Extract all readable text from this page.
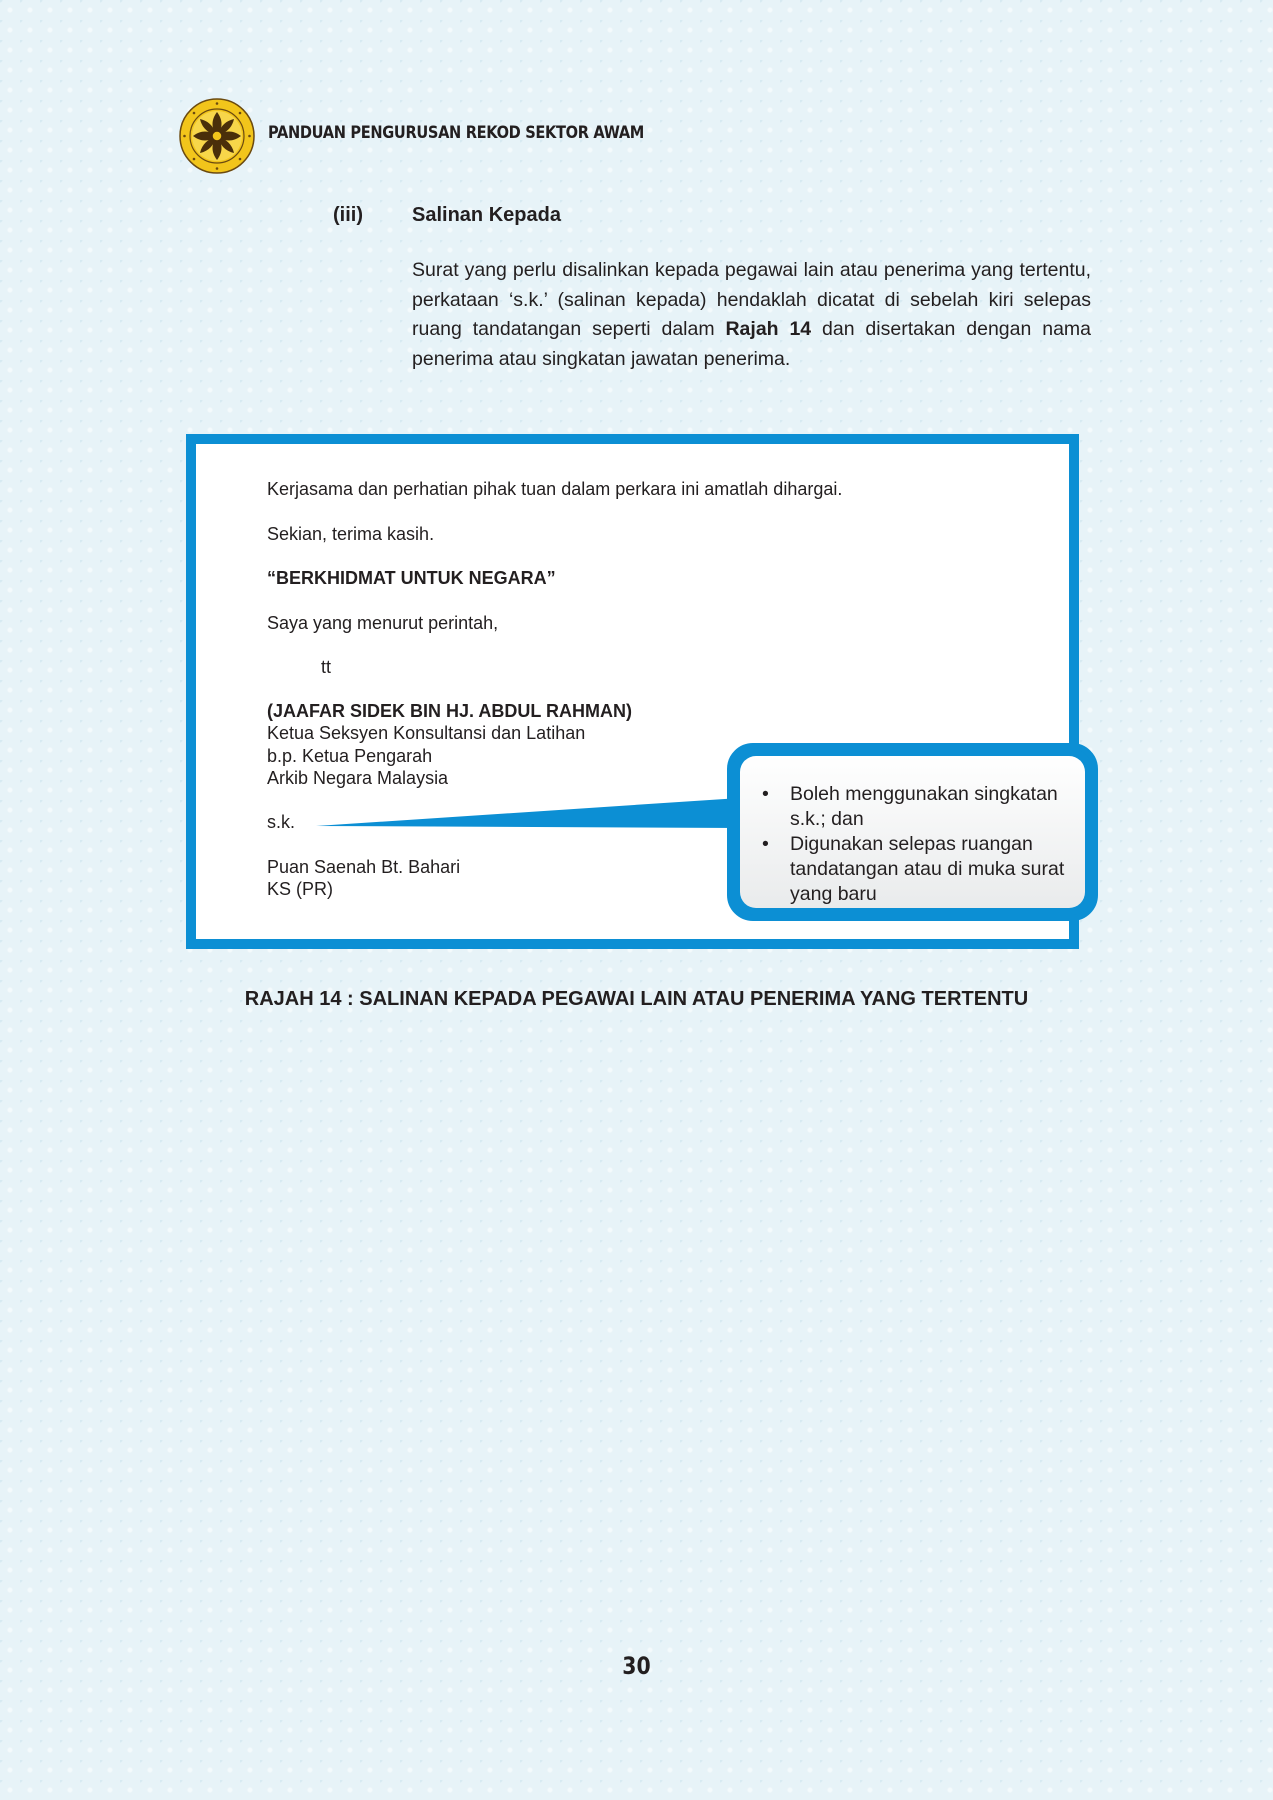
PANDUAN PENGURUSAN REKOD SEKTOR AWAM
(iii) Salinan Kepada
Surat yang perlu disalinkan kepada pegawai lain atau penerima yang tertentu, perkataan ‘s.k.’ (salinan kepada) hendaklah dicatat di sebelah kiri selepas ruang tandatangan seperti dalam Rajah 14 dan disertakan dengan nama penerima atau singkatan jawatan penerima.
Kerjasama dan perhatian pihak tuan dalam perkara ini amatlah dihargai.
Sekian, terima kasih.
“BERKHIDMAT UNTUK NEGARA”
Saya yang menurut perintah,
tt
(JAAFAR SIDEK BIN HJ. ABDUL RAHMAN)
Ketua Seksyen Konsultansi dan Latihan
b.p. Ketua Pengarah
Arkib Negara Malaysia
s.k.
Puan Saenah Bt. Bahari
KS (PR)
• Boleh menggunakan singkatan s.k.; dan
• Digunakan selepas ruangan tandatangan atau di muka surat yang baru
RAJAH 14 : SALINAN KEPADA PEGAWAI LAIN ATAU PENERIMA YANG TERTENTU
30
